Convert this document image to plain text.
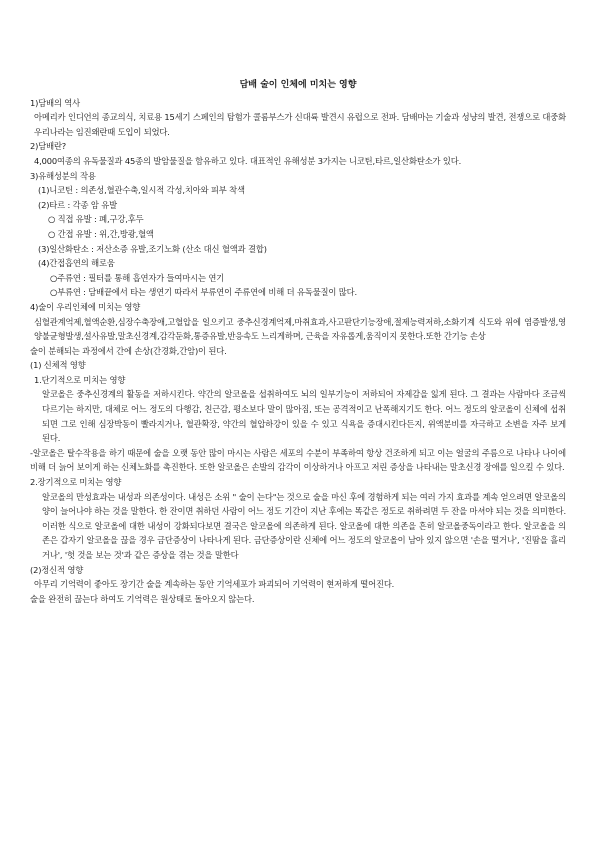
담배 술이 인체에 미치는 영향

1)담배의 역사

아메리카 인디언의 종교의식, 치료용 15세기 스페인의 탐험가 콜롬부스가 신대륙 발견시 유럽으로 전파. 담배마는 기술과 성냥의 발견, 전쟁으로 대중화 우리나라는 임진왜란때 도입이 되었다.

2)담배란?

4,000여종의 유독물질과 45종의 발암물질을 함유하고 있다. 대표적인 유해성분 3가지는 니코틴,타르,일산화탄소가 있다.

3)유해성분의 작용

(1)니코틴 : 의존성,혈관수축,일시적 각성,치아와 피부 착색

(2)타르 : 각종 암 유발

○ 직접 유발 : 폐,구강,후두

○ 간접 유발 : 위,간,방광,혈액

(3)일산화탄소 : 저산소증 유발,조기노화 (산소 대신 혈액과 결합)

(4)간접흡연의 해로움

○주류연 : 필터를 통해 흡연자가 들여마시는 연기

○부류연 : 담배끝에서 타는 생연기 따라서 부류연이 주류연에 비해 더 유독물질이 많다.

4)술이 우리인체에 미치는 영향

심혈관계억제,혈액순환,심장수축장애,고혈압을 일으키고 중추신경계억제,마취효과,사고판단기능장애,절제능력저하,소화기계 식도와 위에 염증발생,영양불균형발생,설사유발,말초신경계,감각둔화,통증유발,반응속도 느리게하며, 근육을 자유롭게,움직이지 못한다.또한 간기능 손상

술이 분해되는 과정에서 간에 손상(간경화,간암)이 된다.

(1) 신체적 영향

1.단기적으로 미치는 영향

알코올은 중추신경계의 활동을 저하시킨다. 약간의 알코올을 섭취하여도 뇌의 일부기능이 저하되어 자제감을 잃게 된다. 그 결과는 사람마다 조금씩 다르기는 하지만, 대체로 어느 정도의 다행감, 친근감, 평소보다 말이 많아짐, 또는 공격적이고 난폭해지기도 한다. 어느 정도의 알코올이 신체에 섭취되면 그로 인해 심장박동이 빨라지거나, 혈관확장, 약간의 혈압하강이 있을 수 있고 식욕을 증대시킨다든지, 위액분비를 자극하고 소변을 자주 보게 된다.

-알코올은 탈수작용을 하기 때문에 술을 오랫 동안 많이 마시는 사람은 세포의 수분이 부족하여 항상 건조하게 되고 이는 얼굴의 주름으로 나타나 나이에 비해 더 늙어 보이게 하는 신체노화를 촉진한다. 또한 알코올은 손발의 감각이 이상하거나 아프고 저린 증상을 나타내는 말초신경 장애를 일으킬 수 있다.

2.장기적으로 미치는 영향

알코올의 만성효과는 내성과 의존성이다. 내성은 소위 " 술이 는다"는 것으로 술을 마신 후에 경험하게 되는 여러 가지 효과를 계속 얻으려면 알코올의 양이 늘어나야 하는 것을 말한다. 한 잔이면 취하던 사람이 어느 정도 기간이 지난 후에는 똑같은 정도로 취하려면 두 잔을 마셔야 되는 것을 의미한다. 이러한 식으로 알코올에 대한 내성이 강화되다보면 결국은 알코올에 의존하게 된다. 알코올에 대한 의존을 흔히 알코올중독이라고 한다. 알코올을 의존은 갑자기 알코올을 끊을 경우 금단증상이 나타나게 된다. 금단증상이란 신체에 어느 정도의 알코올이 남아 있지 않으면 '손을 떨거나', '진땀을 흘리거나', '헛 것을 보는 것'과 같은 증상을 겪는 것을 말한다

(2)정신적 영향

아무리 기억력이 좋아도 장기간 술을 계속하는 동안 기억세포가 파괴되어 기억력이 현저하게 떨어진다.

술을 완전히 끊는다 하여도 기억력은 원상태로 돌아오지 않는다.
